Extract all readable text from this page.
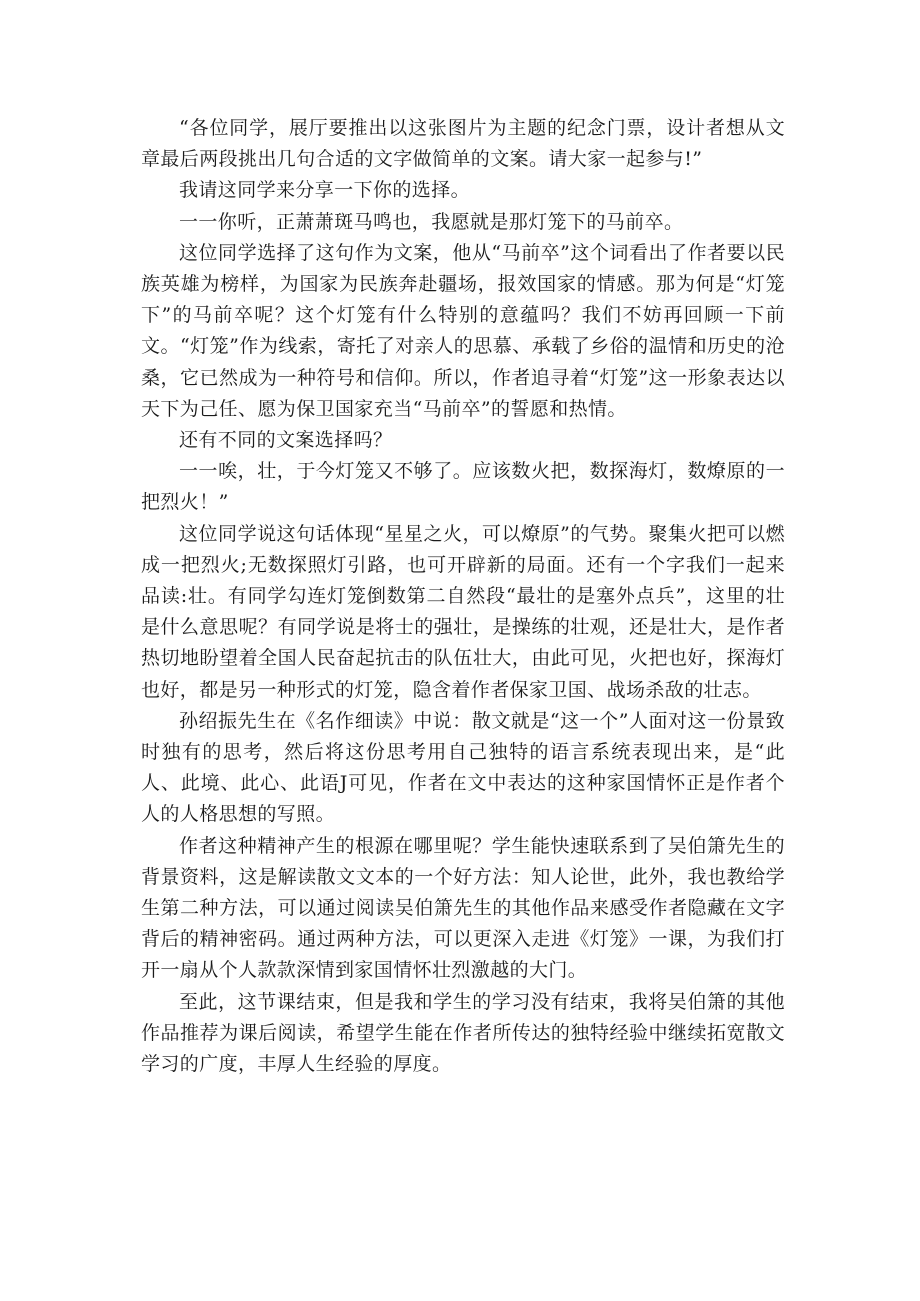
“各位同学，展厅要推出以这张图片为主题的纪念门票，设计者想从文章最后两段挑出几句合适的文字做简单的文案。请大家一起参与!”

我请这同学来分享一下你的选择。

一一你听，正萧萧斑马鸣也，我愿就是那灯笼下的马前卒。

这位同学选择了这句作为文案，他从“马前卒”这个词看出了作者要以民族英雄为榜样，为国家为民族奔赴疆场，报效国家的情感。那为何是“灯笼下”的马前卒呢？这个灯笼有什么特别的意蕴吗？我们不妨再回顾一下前文。“灯笼”作为线索，寄托了对亲人的思慕、承载了乡俗的温情和历史的沧桑，它已然成为一种符号和信仰。所以，作者追寻着“灯笼”这一形象表达以天下为己任、愿为保卫国家充当“马前卒”的誓愿和热情。

还有不同的文案选择吗？

一一唉，壮，于今灯笼又不够了。应该数火把，数探海灯，数燎原的一把烈火！”

这位同学说这句话体现“星星之火，可以燎原”的气势。聚集火把可以燃成一把烈火;无数探照灯引路，也可开辟新的局面。还有一个字我们一起来品读:壮。有同学勾连灯笼倒数第二自然段“最壮的是塞外点兵”，这里的壮是什么意思呢？有同学说是将士的强壮，是操练的壮观，还是壮大，是作者热切地盼望着全国人民奋起抗击的队伍壮大，由此可见，火把也好，探海灯也好，都是另一种形式的灯笼，隐含着作者保家卫国、战场杀敌的壮志。

孙绍振先生在《名作细读》中说：散文就是“这一个”人面对这一份景致时独有的思考，然后将这份思考用自己独特的语言系统表现出来，是“此人、此境、此心、此语J可见，作者在文中表达的这种家国情怀正是作者个人的人格思想的写照。

作者这种精神产生的根源在哪里呢？学生能快速联系到了吴伯箫先生的背景资料，这是解读散文文本的一个好方法：知人论世，此外，我也教给学生第二种方法，可以通过阅读吴伯箫先生的其他作品来感受作者隐藏在文字背后的精神密码。通过两种方法，可以更深入走进《灯笼》一课，为我们打开一扇从个人款款深情到家国情怀壮烈激越的大门。

至此，这节课结束，但是我和学生的学习没有结束，我将吴伯箫的其他作品推荐为课后阅读，希望学生能在作者所传达的独特经验中继续拓宽散文学习的广度，丰厚人生经验的厚度。
